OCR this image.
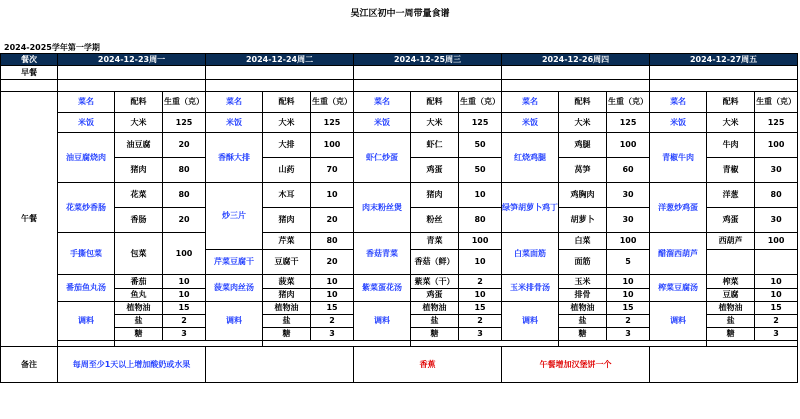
吴江区初中一周带量食谱
2024-2025学年第一学期
餐次	2024-12-23周一			2024-12-24周二			2024-12-25周三			2024-12-26周四			2024-12-27周五		
早餐															

午餐	菜名	配料	生重（克）	菜名	配料	生重（克）	菜名	配料	生重（克）	菜名	配料	生重（克）	菜名	配料	生重（克）
	米饭	大米	125	米饭	大米	125	米饭	大米	125	米饭	大米	125	米饭	大米	125
	油豆腐烧肉	油豆腐	20	香酥大排	大排	100	虾仁炒蛋	虾仁	50	红烧鸡腿	鸡腿	100	青椒牛肉	牛肉	100
		猪肉	80		山药	70		鸡蛋	50		莴笋	60		青椒	30
	花菜炒香肠	花菜	80	炒三片	木耳	10	肉末粉丝煲	猪肉	10	绿笋胡萝卜鸡丁	鸡胸肉	30	洋葱炒鸡蛋	洋葱	80
		香肠	20		猪肉	20		粉丝	80		胡萝卜	30		鸡蛋	30
	手撕包菜	包菜	100		芹菜	80	香菇青菜	青菜	100	白菜面筋	白菜	100	醋溜西葫芦	西葫芦	100
				芹菜豆腐干	豆腐干	20		香菇（鲜）	10		面筋	5			

	番茄鱼丸汤	番茄	10	菠菜肉丝汤	菠菜	10	紫菜蛋花汤	紫菜（干）	2	玉米排骨汤	玉米	10	榨菜豆腐汤	榨菜	10
		鱼丸	10		猪肉	10		鸡蛋	10		排骨	10		豆腐	10
	调料	植物油	15	调料	植物油	15	调料	植物油	15	调料	植物油	15	调料	植物油	15
		盐	2		盐	2		盐	2		盐	2		盐	2
		糖	3		糖	3		糖	3		糖	3		糖	3

备注	每周至少1天以上增加酸奶或水果						香蕉			午餐增加汉堡饼一个					
